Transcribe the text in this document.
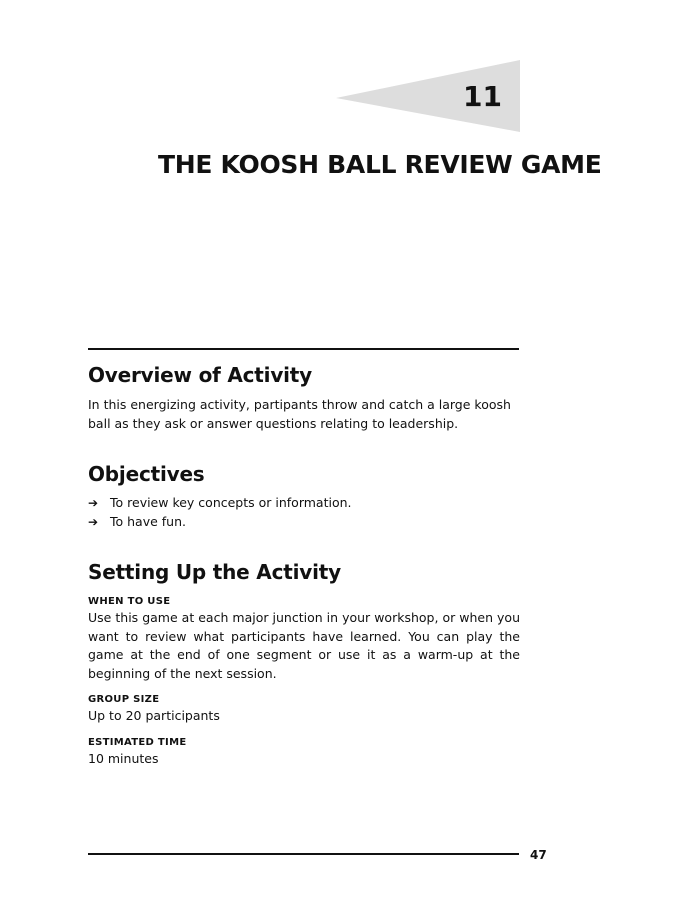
11
THE KOOSH BALL REVIEW GAME
Overview of Activity

In this energizing activity, partipants throw and catch a large koosh ball as they ask or answer questions relating to leadership.

Objectives
➔ To review key concepts or information.
➔ To have fun.
Setting Up the Activity
WHEN TO USE

Use this game at each major junction in your workshop, or when you want to review what participants have learned. You can play the game at the end of one segment or use it as a warm-up at the beginning of the next session.

GROUP SIZE

Up to 20 participants

ESTIMATED TIME

10 minutes

47
